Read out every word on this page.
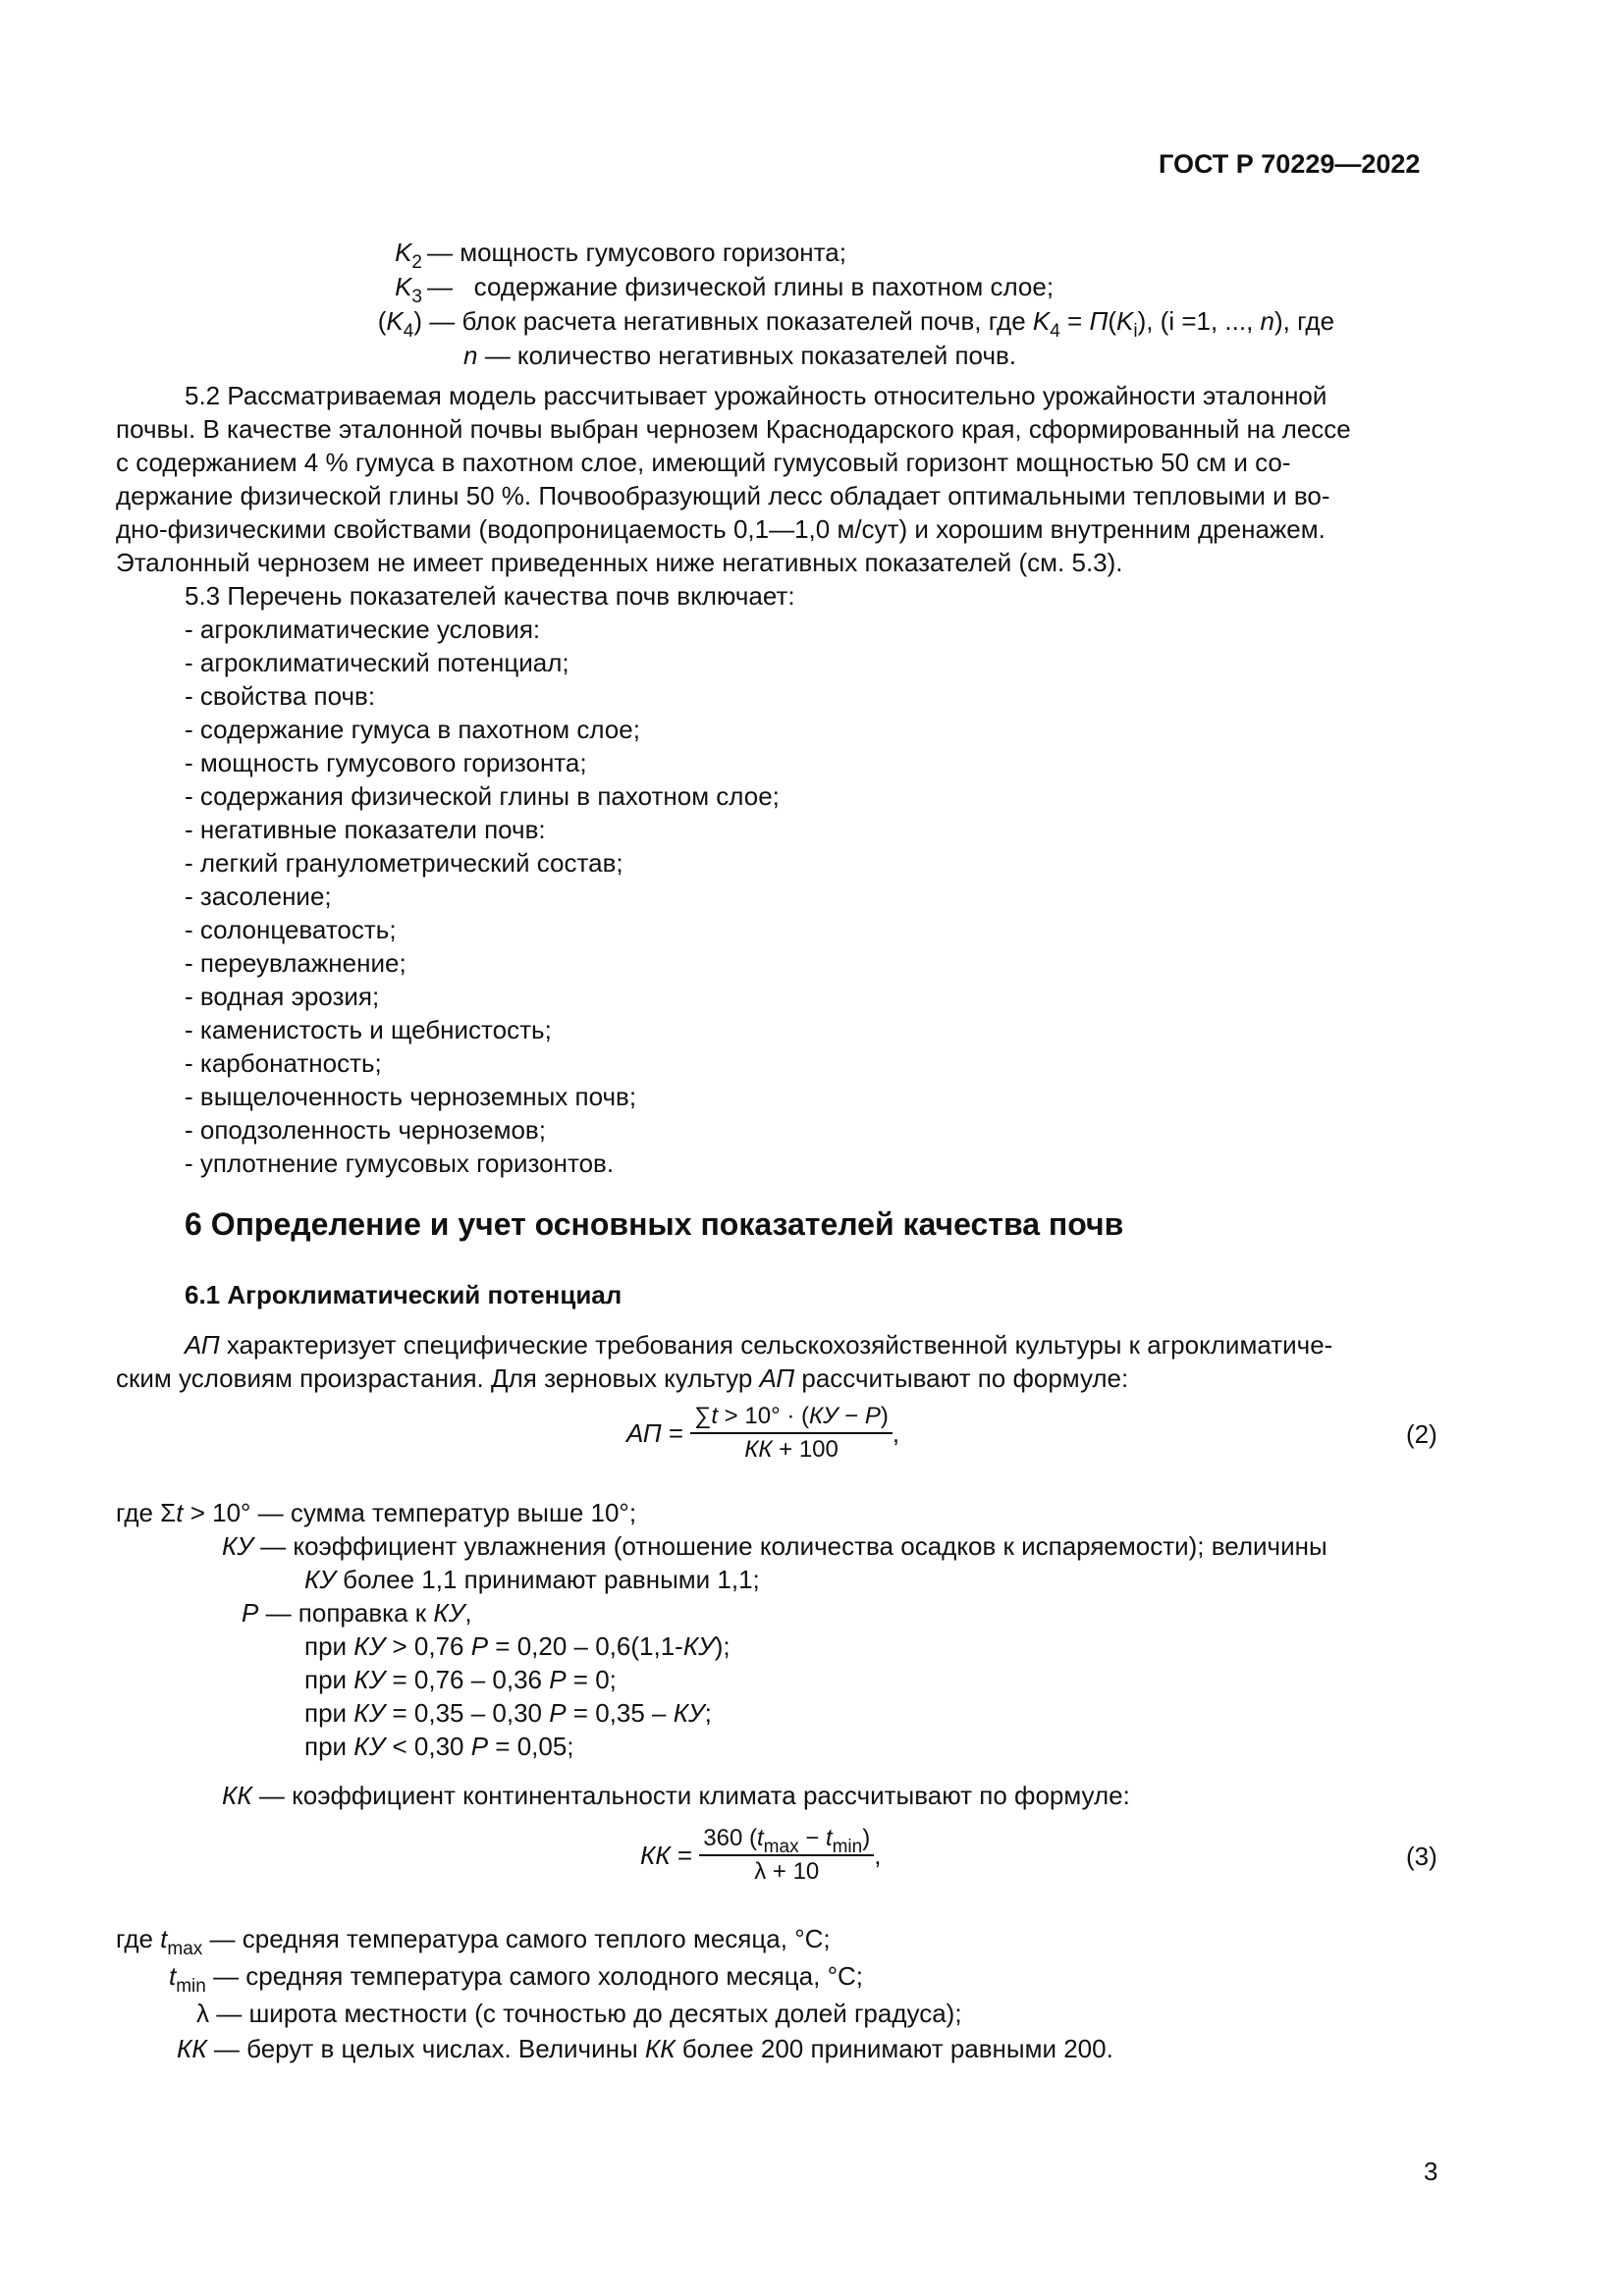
ГОСТ Р 70229—2022
$K_2$ — мощность гумусового горизонта;
$K_3$ —   содержание физической глины в пахотном слое;
$(K_4)$ — блок расчета негативных показателей почв, где $K_4 = П(K_i)$, (i =1, ..., n), где
n — количество негативных показателей почв.
5.2 Рассматриваемая модель рассчитывает урожайность относительно урожайности эталонной
почвы. В качестве эталонной почвы выбран чернозем Краснодарского края, сформированный на лессе
с содержанием 4 % гумуса в пахотном слое, имеющий гумусовый горизонт мощностью 50 см и со-
держание физической глины 50 %. Почвообразующий лесс обладает оптимальными тепловыми и во-
дно-физическими свойствами (водопроницаемость 0,1—1,0 м/сут) и хорошим внутренним дренажем.
Эталонный чернозем не имеет приведенных ниже негативных показателей (см. 5.3).
5.3 Перечень показателей качества почв включает:
- агроклиматические условия:
- агроклиматический потенциал;
- свойства почв:
- содержание гумуса в пахотном слое;
- мощность гумусового горизонта;
- содержания физической глины в пахотном слое;
- негативные показатели почв:
- легкий гранулометрический состав;
- засоление;
- солонцеватость;
- переувлажнение;
- водная эрозия;
- каменистость и щебнистость;
- карбонатность;
- выщелоченность черноземных почв;
- оподзоленность черноземов;
- уплотнение гумусовых горизонтов.
6 Определение и учет основных показателей качества почв
6.1 Агроклиматический потенциал
АП характеризует специфические требования сельскохозяйственной культуры к агроклиматиче-
ским условиям произрастания. Для зерновых культур АП рассчитывают по формуле:
АП = $\frac{\sum t > 10^\circ \cdot (КУ - P)}{КК + 100}$ ,	(2)
где Σt > 10° — сумма температур выше 10°;
КУ — коэффициент увлажнения (отношение количества осадков к испаряемости); величины
КУ более 1,1 принимают равными 1,1;
P — поправка к КУ,
при КУ > 0,76 P = 0,20 – 0,6(1,1-КУ);
при КУ = 0,76 – 0,36 P = 0;
при КУ = 0,35 – 0,30 P = 0,35 – КУ;
при КУ < 0,30 P = 0,05;
КК — коэффициент континентальности климата рассчитывают по формуле:
КК = $\frac{360 (t_{max} - t_{min})}{\lambda + 10}$ ,	(3)
где $t_{max}$ — средняя температура самого теплого месяца, °C;
$t_{min}$ — средняя температура самого холодного месяца, °C;
λ — широта местности (с точностью до десятых долей градуса);
КК — берут в целых числах. Величины КК более 200 принимают равными 200.
3
